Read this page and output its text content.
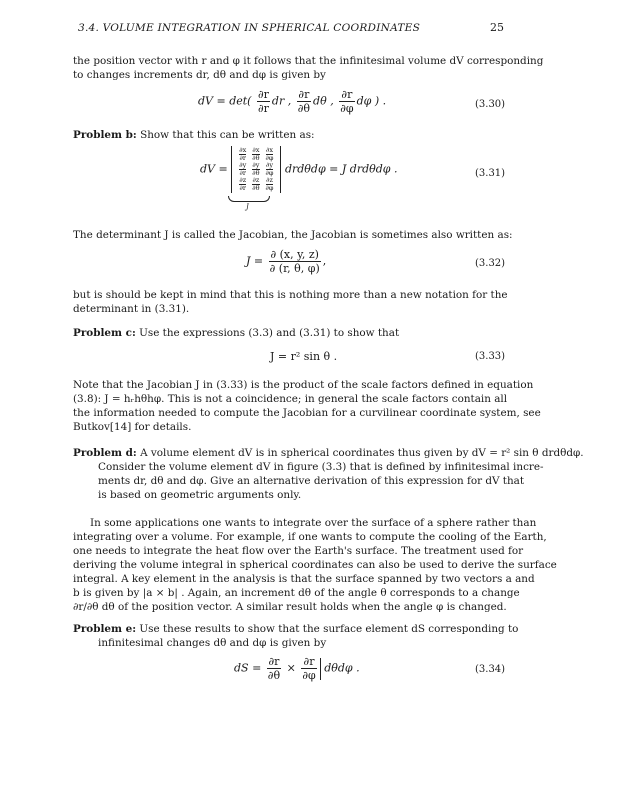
3.4. VOLUME INTEGRATION IN SPHERICAL COORDINATES	25
the position vector with r and φ it follows that the infinitesimal volume dV corresponding
to changes increments dr, dθ and dφ is given by
dV = $\det( \frac{\partial r}{\partial r}$ dr , $\frac{\partial r}{\partial\theta}$ dθ , $\frac{\partial r}{\partial\varphi}$ dφ ) .	(3.30)
Problem b: Show that this can be written as:
dV =
$\frac{\partial x}{\partial r}$	$\frac{\partial x}{\partial\theta}$	$\frac{\partial x}{\partial\varphi}$

$\frac{\partial y}{\partial r}$	$\frac{\partial y}{\partial\theta}$	$\frac{\partial y}{\partial\varphi}$

$\frac{\partial z}{\partial r}$	$\frac{\partial z}{\partial\theta}$	$\frac{\partial z}{\partial\varphi}$
drdθdφ = J drdθdφ .
J
(3.31)
The determinant J is called the Jacobian, the Jacobian is sometimes also written as:
$J = \frac{\partial (x, y, z)}{\partial (r, \theta, \varphi)}$ ,	(3.32)
but is should be kept in mind that this is nothing more than a new notation for the
determinant in (3.31).
Problem c: Use the expressions (3.3) and (3.31) to show that
J = r² sin θ .	(3.33)
Note that the Jacobian J in (3.33) is the product of the scale factors defined in equation
(3.8): J = hᵣhθhφ. This is not a coincidence; in general the scale factors contain all
the information needed to compute the Jacobian for a curvilinear coordinate system, see
Butkov[14] for details.
Problem d: A volume element dV is in spherical coordinates thus given by dV = r² sin θ drdθdφ.
Consider the volume element dV in figure (3.3) that is defined by infinitesimal incre-
ments dr, dθ and dφ. Give an alternative derivation of this expression for dV that
is based on geometric arguments only.
In some applications one wants to integrate over the surface of a sphere rather than
integrating over a volume. For example, if one wants to compute the cooling of the Earth,
one needs to integrate the heat flow over the Earth's surface. The treatment used for
deriving the volume integral in spherical coordinates can also be used to derive the surface
integral. A key element in the analysis is that the surface spanned by two vectors a and
b is given by |a × b| . Again, an increment dθ of the angle θ corresponds to a change
∂r/∂θ dθ of the position vector. A similar result holds when the angle φ is changed.
Problem e: Use these results to show that the surface element dS corresponding to
infinitesimal changes dθ and dφ is given by
dS = $\frac{\partial r}{\partial\theta} \times \frac{\partial r}{\partial\varphi}$ dθdφ .	(3.34)
